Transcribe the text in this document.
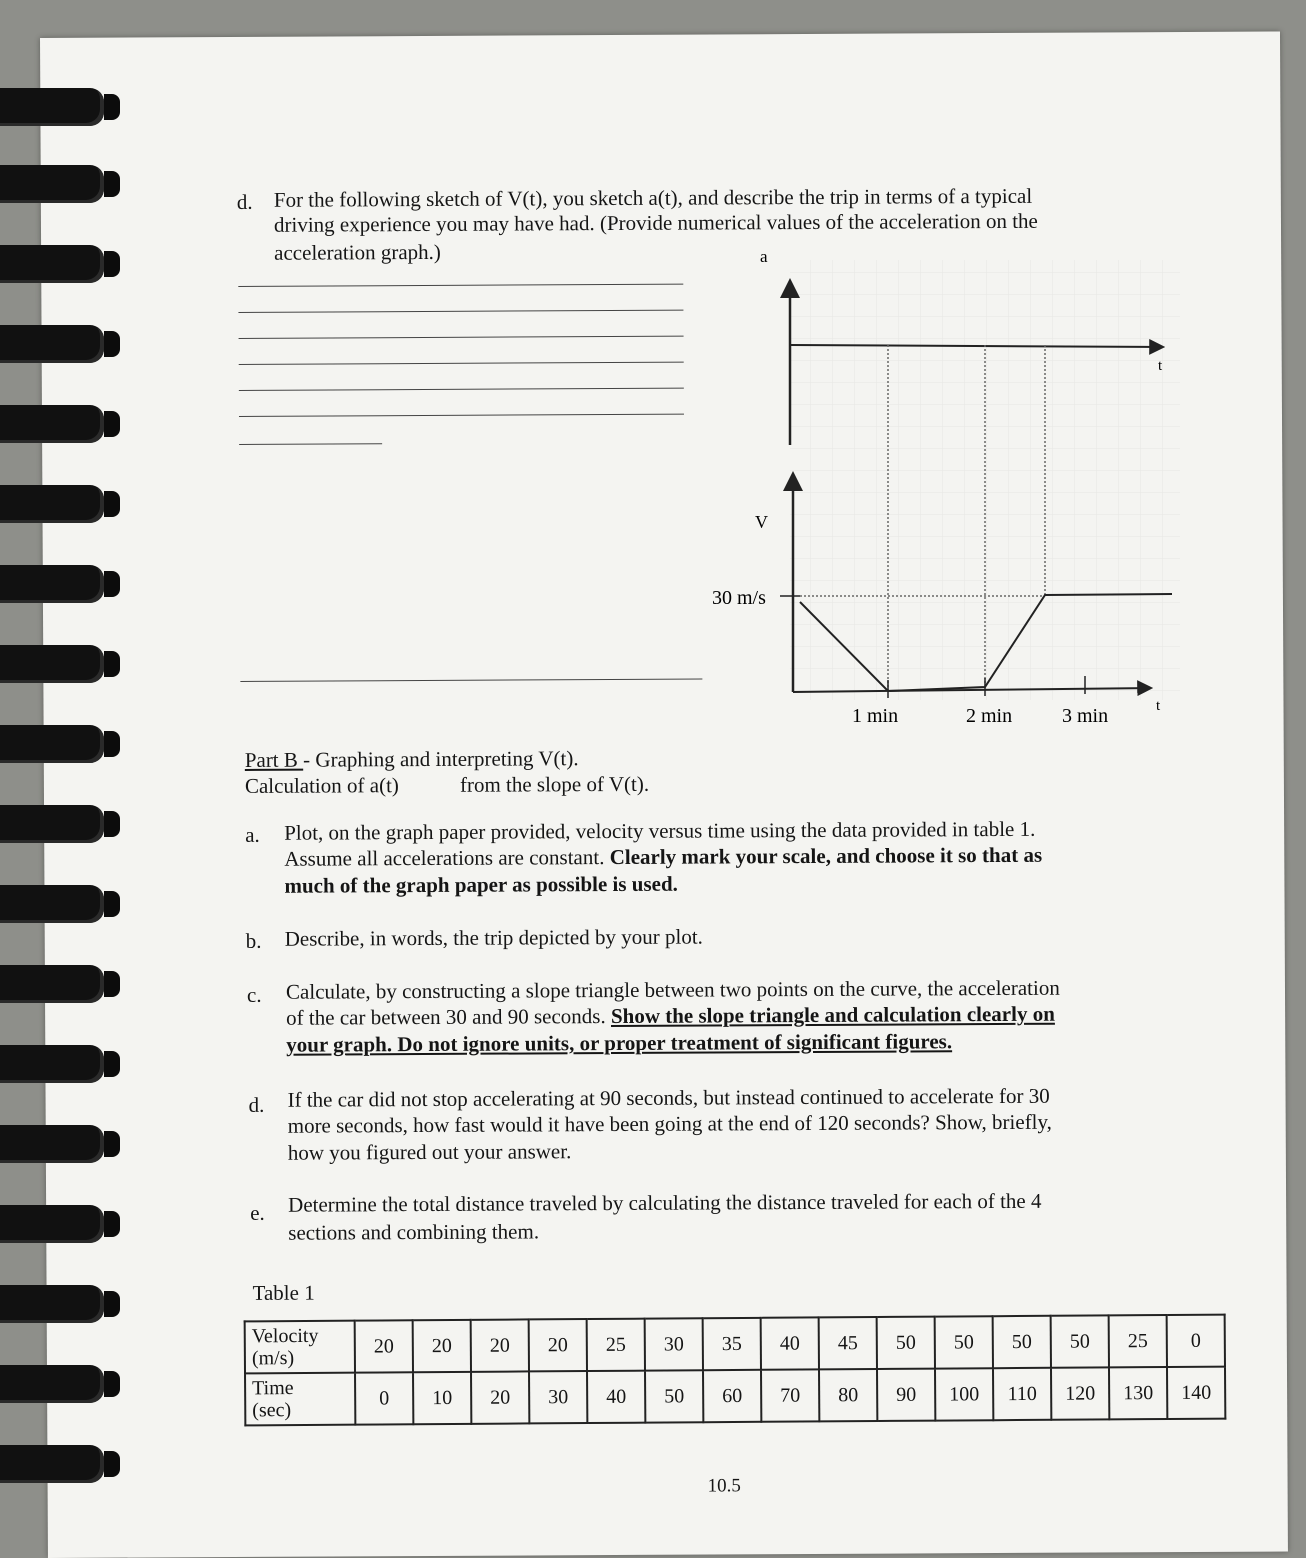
d. For the following sketch of V(t), you sketch a(t), and describe the trip in terms of a typical
driving experience you may have had. (Provide numerical values of the acceleration on the
acceleration graph.)
Part B - Graphing and interpreting V(t).
Calculation of a(t)	from the slope of V(t).
a. Plot, on the graph paper provided, velocity versus time using the data provided in table 1.
Assume all accelerations are constant. Clearly mark your scale, and choose it so that as
much of the graph paper as possible is used.
b. Describe, in words, the trip depicted by your plot.
c. Calculate, by constructing a slope triangle between two points on the curve, the acceleration
of the car between 30 and 90 seconds. Show the slope triangle and calculation clearly on
your graph. Do not ignore units, or proper treatment of significant figures.
d. If the car did not stop accelerating at 90 seconds, but instead continued to accelerate for 30
more seconds, how fast would it have been going at the end of 120 seconds? Show, briefly,
how you figured out your answer.
e. Determine the total distance traveled by calculating the distance traveled for each of the 4
sections and combining them.
Table 1
10.5
a
t
V
30 m/s
t
1 min	2 min 3 min
Velocity
(m/s)	20	20	20	20	25	30	35	40	45	50	50	50	50	25	0
Time
(sec)	0	10	20	30	40	50	60	70	80	90	100	110	120	130	140
